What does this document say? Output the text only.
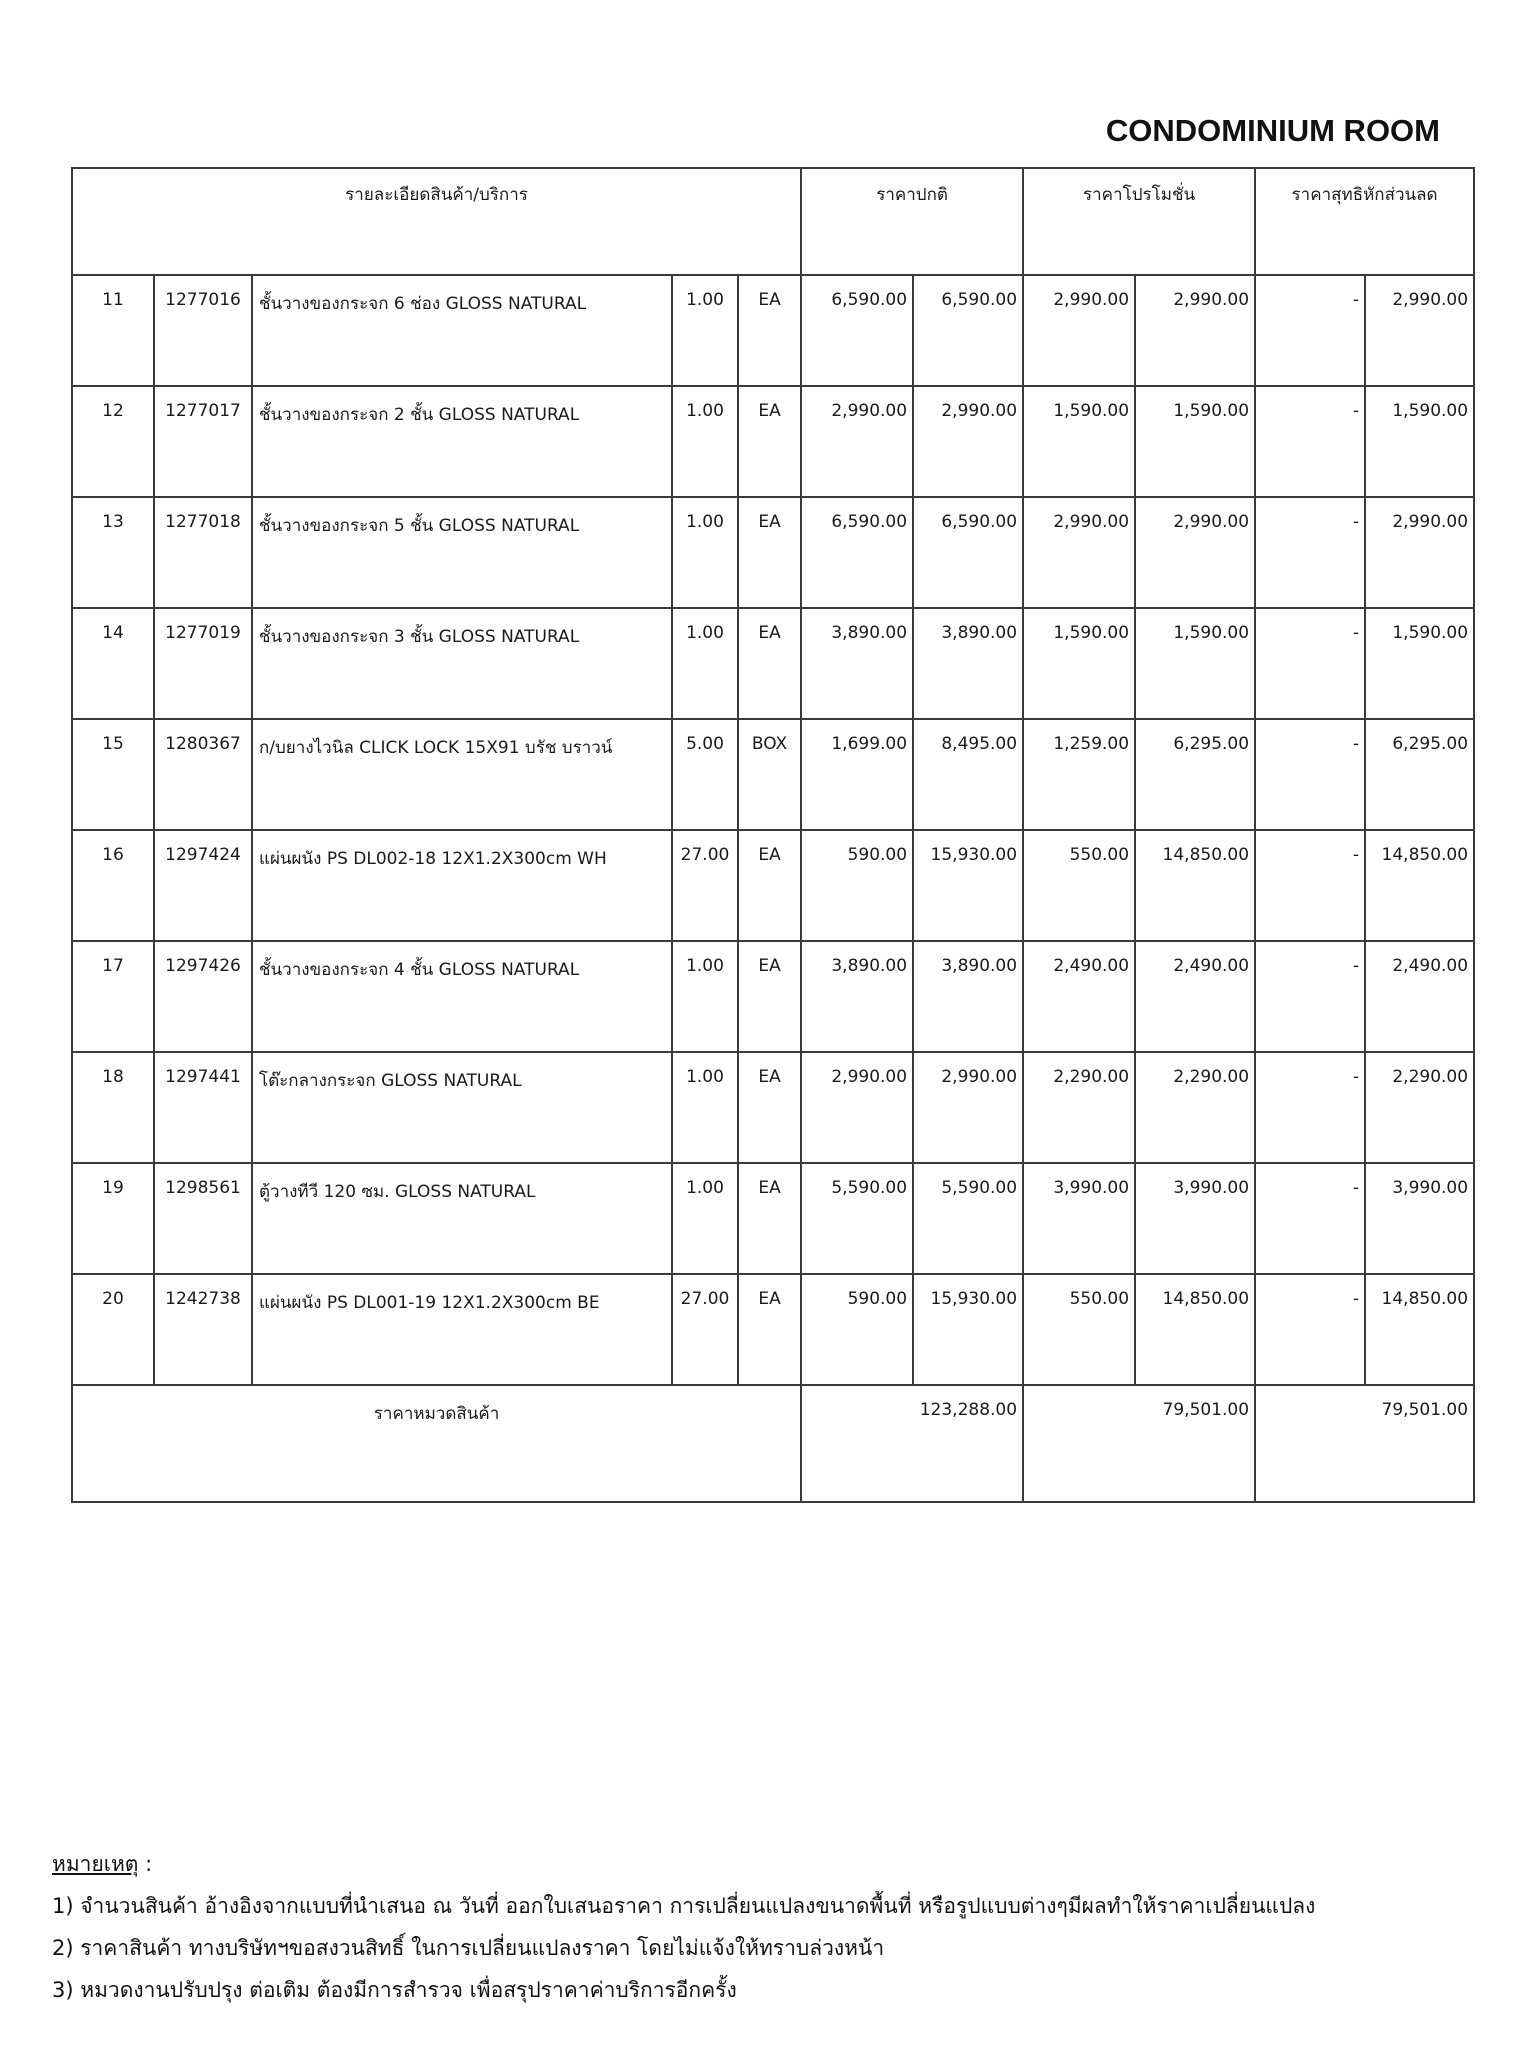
CONDOMINIUM ROOM
รายละเอียดสินค้า/บริการ					ราคาปกติ		ราคาโปรโมชั่น		ราคาสุทธิหักส่วนลด	
11	1277016	ชั้นวางของกระจก 6 ช่อง GLOSS NATURAL	1.00	EA	6,590.00	6,590.00	2,990.00	2,990.00	-	2,990.00
12	1277017	ชั้นวางของกระจก 2 ชั้น GLOSS NATURAL	1.00	EA	2,990.00	2,990.00	1,590.00	1,590.00	-	1,590.00
13	1277018	ชั้นวางของกระจก 5 ชั้น GLOSS NATURAL	1.00	EA	6,590.00	6,590.00	2,990.00	2,990.00	-	2,990.00
14	1277019	ชั้นวางของกระจก 3 ชั้น GLOSS NATURAL	1.00	EA	3,890.00	3,890.00	1,590.00	1,590.00	-	1,590.00
15	1280367	ก/บยางไวนิล CLICK LOCK 15X91 บรัช บราวน์	5.00	BOX	1,699.00	8,495.00	1,259.00	6,295.00	-	6,295.00
16	1297424	แผ่นผนัง PS DL002-18 12X1.2X300cm WH	27.00	EA	590.00	15,930.00	550.00	14,850.00	-	14,850.00
17	1297426	ชั้นวางของกระจก 4 ชั้น GLOSS NATURAL	1.00	EA	3,890.00	3,890.00	2,490.00	2,490.00	-	2,490.00
18	1297441	โต๊ะกลางกระจก GLOSS NATURAL	1.00	EA	2,990.00	2,990.00	2,290.00	2,290.00	-	2,290.00
19	1298561	ตู้วางทีวี 120 ซม. GLOSS NATURAL	1.00	EA	5,590.00	5,590.00	3,990.00	3,990.00	-	3,990.00
20	1242738	แผ่นผนัง PS DL001-19 12X1.2X300cm BE	27.00	EA	590.00	15,930.00	550.00	14,850.00	-	14,850.00
ราคาหมวดสินค้า					123,288.00		79,501.00		79,501.00	
หมายเหตุ :
1) จำนวนสินค้า อ้างอิงจากแบบที่นำเสนอ ณ วันที่ ออกใบเสนอราคา การเปลี่ยนแปลงขนาดพื้นที่ หรือรูปแบบต่างๆมีผลทำให้ราคาเปลี่ยนแปลง
2) ราคาสินค้า ทางบริษัทฯขอสงวนสิทธิ์ ในการเปลี่ยนแปลงราคา โดยไม่แจ้งให้ทราบล่วงหน้า
3) หมวดงานปรับปรุง ต่อเติม ต้องมีการสำรวจ เพื่อสรุปราคาค่าบริการอีกครั้ง
